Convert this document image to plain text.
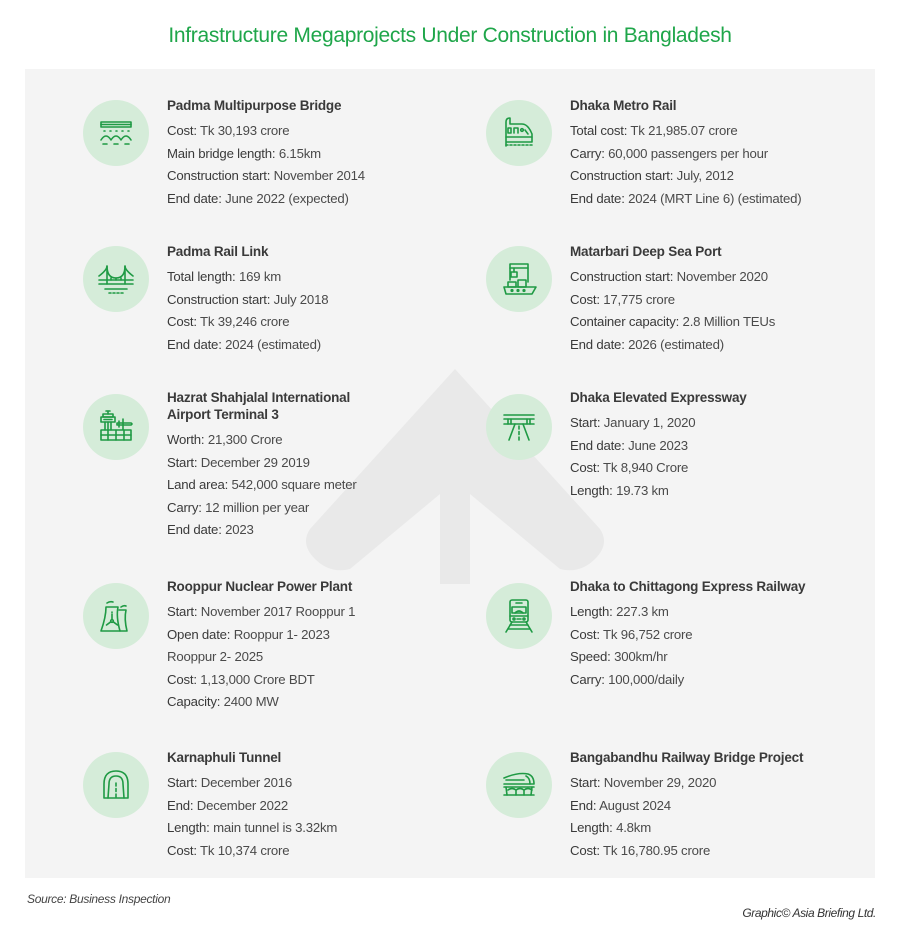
Infrastructure Megaprojects Under Construction in Bangladesh
Padma Multipurpose Bridge
Cost: Tk 30,193 crore
Main bridge length: 6.15km
Construction start: November 2014
End date: June 2022 (expected)
Dhaka Metro Rail
Total cost: Tk 21,985.07 crore
Carry: 60,000 passengers per hour
Construction start: July, 2012
End date: 2024 (MRT Line 6) (estimated)
Padma Rail Link
Total length: 169 km
Construction start: July 2018
Cost: Tk 39,246 crore
End date: 2024 (estimated)
Matarbari Deep Sea Port
Construction start: November 2020
Cost: 17,775 crore
Container capacity: 2.8 Million TEUs
End date: 2026 (estimated)
Hazrat Shahjalal International Airport Terminal 3
Worth: 21,300 Crore
Start: December 29 2019
Land area: 542,000 square meter
Carry: 12 million per year
End date: 2023
Dhaka Elevated Expressway
Start: January 1, 2020
End date: June 2023
Cost: Tk 8,940 Crore
Length: 19.73 km
Rooppur Nuclear Power Plant
Start: November 2017 Rooppur 1
Open date: Rooppur 1- 2023
Rooppur 2- 2025
Cost: 1,13,000 Crore BDT
Capacity: 2400 MW
Dhaka to Chittagong Express Railway
Length: 227.3 km
Cost: Tk 96,752 crore
Speed: 300km/hr
Carry: 100,000/daily
Karnaphuli Tunnel
Start: December 2016
End: December 2022
Length: main tunnel is 3.32km
Cost: Tk 10,374 crore
Bangabandhu Railway Bridge Project
Start: November 29, 2020
End: August 2024
Length: 4.8km
Cost: Tk 16,780.95 crore
Source: Business Inspection
Graphic© Asia Briefing Ltd.
